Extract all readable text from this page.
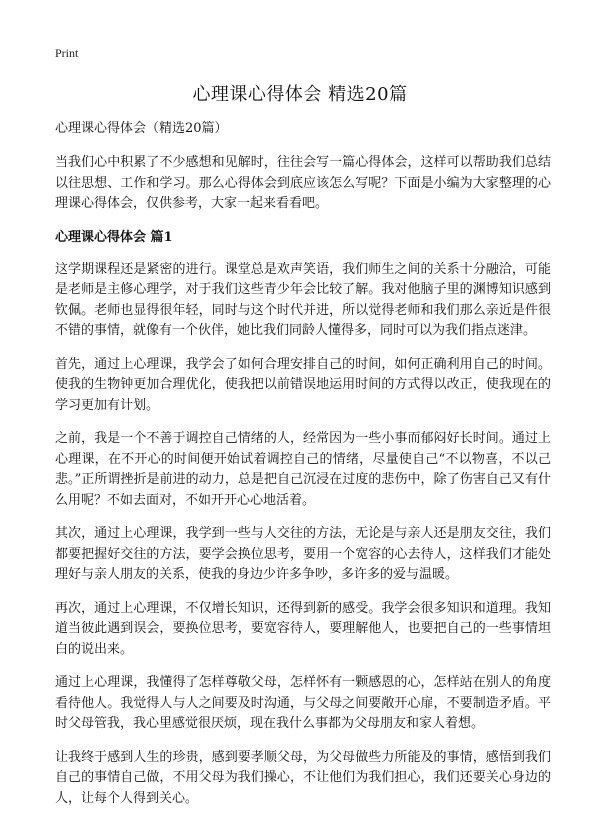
Print
心理课心得体会 精选20篇

心理课心得体会（精选20篇）

当我们心中积累了不少感想和见解时，往往会写一篇心得体会，这样可以帮助我们总结以往思想、工作和学习。那么心得体会到底应该怎么写呢？下面是小编为大家整理的心理课心得体会，仅供参考，大家一起来看看吧。

心理课心得体会 篇1

这学期课程还是紧密的进行。课堂总是欢声笑语，我们师生之间的关系十分融洽，可能是老师是主修心理学，对于我们这些青少年会比较了解。我对他脑子里的渊博知识感到钦佩。老师也显得很年轻，同时与这个时代并进，所以觉得老师和我们那么亲近是件很不错的事情，就像有一个伙伴，她比我们同龄人懂得多，同时可以为我们指点迷津。

首先，通过上心理课，我学会了如何合理安排自己的时间，如何正确利用自己的时间。使我的生物钟更加合理优化，使我把以前错误地运用时间的方式得以改正，使我现在的学习更加有计划。

之前，我是一个不善于调控自己情绪的人，经常因为一些小事而郁闷好长时间。通过上心理课，在不开心的时间便开始试着调控自己的情绪，尽量使自己“不以物喜，不以己悲。”正所谓挫折是前进的动力，总是把自己沉浸在过度的悲伤中，除了伤害自己又有什么用呢？不如去面对，不如开开心心地活着。

其次，通过上心理课，我学到一些与人交往的方法，无论是与亲人还是朋友交往，我们都要把握好交往的方法，要学会换位思考，要用一个宽容的心去待人，这样我们才能处理好与亲人朋友的关系，使我的身边少许多争吵，多许多的爱与温暖。

再次，通过上心理课，不仅增长知识，还得到新的感受。我学会很多知识和道理。我知道当彼此遇到误会，要换位思考，要宽容待人，要理解他人，也要把自己的一些事情坦白的说出来。

通过上心理课，我懂得了怎样尊敬父母，怎样怀有一颗感恩的心，怎样站在别人的角度看待他人。我觉得人与人之间要及时沟通，与父母之间要敞开心扉，不要制造矛盾。平时父母管我，我心里感觉很厌烦，现在我什么事都为父母朋友和家人着想。

让我终于感到人生的珍贵，感到要孝顺父母，为父母做些力所能及的事情，感悟到我们自己的事情自己做，不用父母为我们操心，不让他们为我们担心，我们还要关心身边的人，让每个人得到关心。
